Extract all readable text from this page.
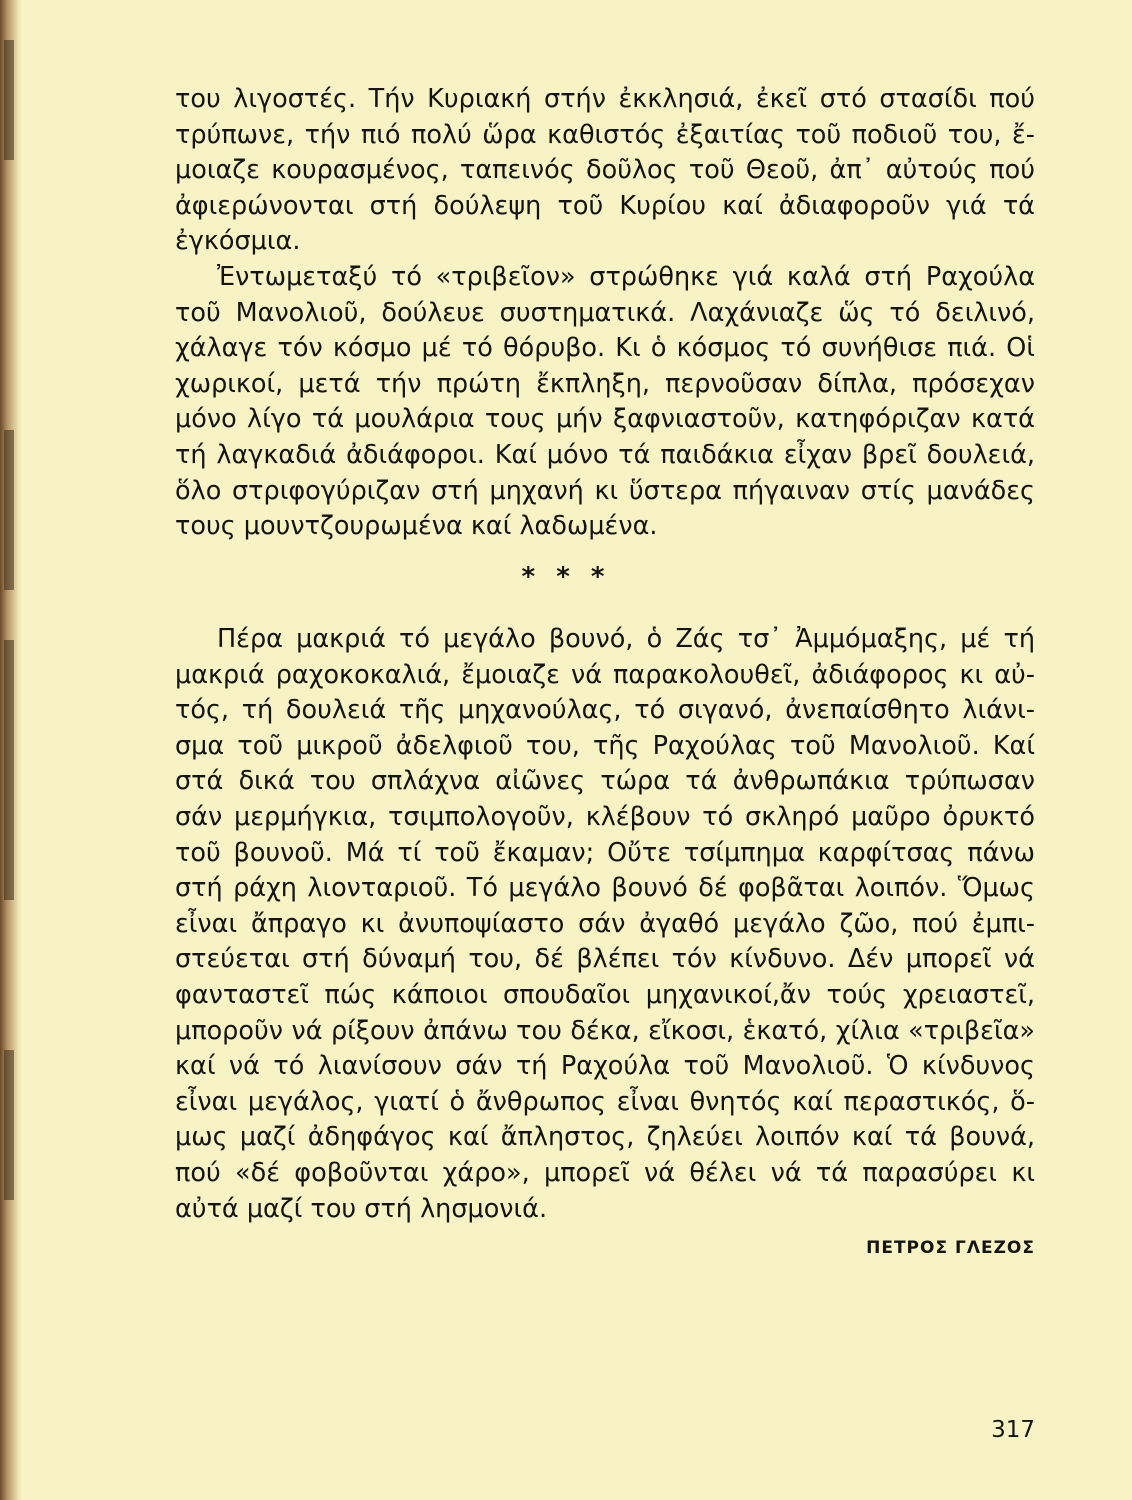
του λιγοστές. Τήν Κυριακή στήν ἐκκλησιά, ἐκεῖ στό στασίδι πού
τρύπωνε, τήν πιό πολύ ὥρα καθιστός ἐξαιτίας τοῦ ποδιοῦ του, ἔ-
μοιαζε κουρασμένος, ταπεινός δοῦλος τοῦ Θεοῦ, ἀπ᾽ αὐτούς πού
ἀφιερώνονται στή δούλεψη τοῦ Κυρίου καί ἀδιαφοροῦν γιά τά
ἐγκόσμια.
Ἐντωμεταξύ τό «τριβεῖον» στρώθηκε γιά καλά στή Ραχούλα
τοῦ Μανολιοῦ, δούλευε συστηματικά. Λαχάνιαζε ὥς τό δειλινό,
χάλαγε τόν κόσμο μέ τό θόρυβο. Κι ὁ κόσμος τό συνήθισε πιά. Οἱ
χωρικοί, μετά τήν πρώτη ἔκπληξη, περνοῦσαν δίπλα, πρόσεχαν
μόνο λίγο τά μουλάρια τους μήν ξαφνιαστοῦν, κατηφόριζαν κατά
τή λαγκαδιά ἀδιάφοροι. Καί μόνο τά παιδάκια εἶχαν βρεῖ δουλειά,
ὅλο στριφογύριζαν στή μηχανή κι ὕστερα πήγαιναν στίς μανάδες
τους μουντζουρωμένα καί λαδωμένα.
* * *
Πέρα μακριά τό μεγάλο βουνό, ὁ Ζάς τσ᾽ Ἀμμόμαξης, μέ τή
μακριά ραχοκοκαλιά, ἔμοιαζε νά παρακολουθεῖ, ἀδιάφορος κι αὐ-
τός, τή δουλειά τῆς μηχανούλας, τό σιγανό, ἀνεπαίσθητο λιάνι-
σμα τοῦ μικροῦ ἀδελφιοῦ του, τῆς Ραχούλας τοῦ Μανολιοῦ. Καί
στά δικά του σπλάχνα αἰῶνες τώρα τά ἀνθρωπάκια τρύπωσαν
σάν μερμήγκια, τσιμπολογοῦν, κλέβουν τό σκληρό μαῦρο ὀρυκτό
τοῦ βουνοῦ. Μά τί τοῦ ἔκαμαν; Οὔτε τσίμπημα καρφίτσας πάνω
στή ράχη λιονταριοῦ. Τό μεγάλο βουνό δέ φοβᾶται λοιπόν. Ὅμως
εἶναι ἄπραγο κι ἀνυποψίαστο σάν ἀγαθό μεγάλο ζῶο, πού ἐμπι-
στεύεται στή δύναμή του, δέ βλέπει τόν κίνδυνο. Δέν μπορεῖ νά
φανταστεῖ πώς κάποιοι σπουδαῖοι μηχανικοί,ἄν τούς χρειαστεῖ,
μποροῦν νά ρίξουν ἀπάνω του δέκα, εἴκοσι, ἑκατό, χίλια «τριβεῖα»
καί νά τό λιανίσουν σάν τή Ραχούλα τοῦ Μανολιοῦ. Ὁ κίνδυνος
εἶναι μεγάλος, γιατί ὁ ἄνθρωπος εἶναι θνητός καί περαστικός, ὅ-
μως μαζί ἀδηφάγος καί ἄπληστος, ζηλεύει λοιπόν καί τά βουνά,
πού «δέ φοβοῦνται χάρο», μπορεῖ νά θέλει νά τά παρασύρει κι
αὐτά μαζί του στή λησμονιά.
ΠΕΤΡΟΣ ΓΛΕΖΟΣ
317
